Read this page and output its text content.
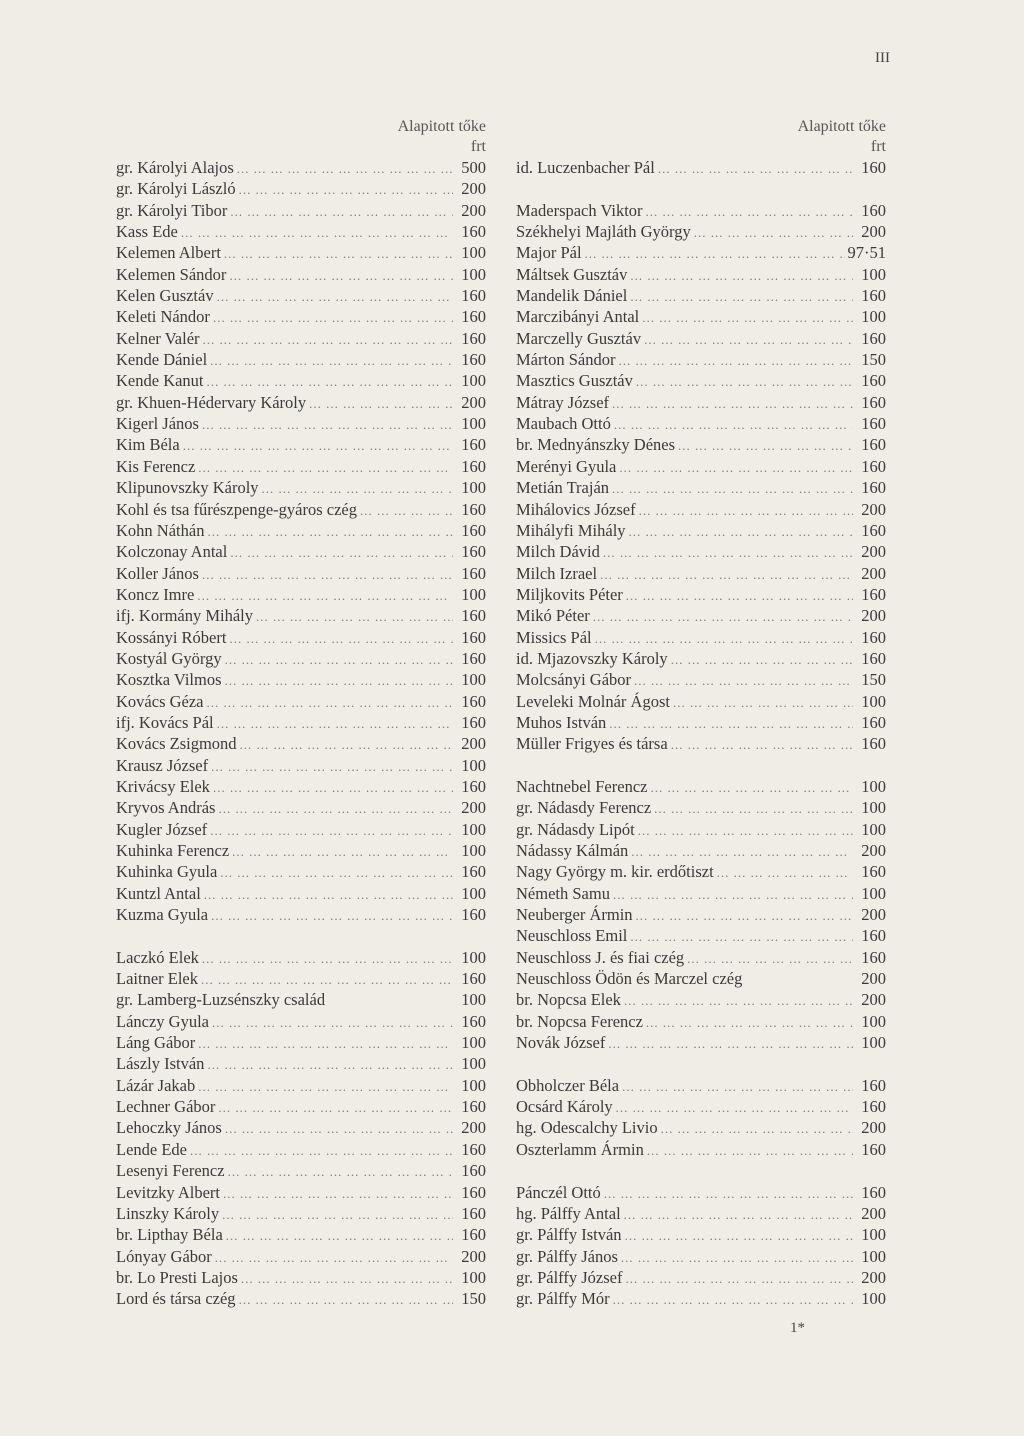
III
Alapitott tőke
frt
gr. Károlyi Alajos ... .	500
gr. Károlyi László ... .	200
gr. Károlyi Tibor ... .	200
Kass Ede ... .	160
Kelemen Albert ... .	100
Kelemen Sándor ... .	100
Kelen Gusztáv ... .	160
Keleti Nándor ... .	160
Kelner Valér ... .	160
Kende Dániel ... .	160
Kende Kanut ... .	100
gr. Khuen-Hédervary Károly ... .	200
Kigerl János ... .	100
Kim Béla ... .	160
Kis Ferencz ... .	160
Klipunovszky Károly ... .	100
Kohl és tsa fűrészpenge-gyáros czég ... .	160
Kohn Náthán ... .	160
Kolczonay Antal ... .	160
Koller János ... .	160
Koncz Imre ... .	100
ifj. Kormány Mihály ... .	160
Kossányi Róbert ... .	160
Kostyál György ... .	160
Kosztka Vilmos ... .	100
Kovács Géza ... .	160
ifj. Kovács Pál ... .	160
Kovács Zsigmond ... .	200
Krausz József ... .	100
Krivácsy Elek ... .	160
Kryvos András ... .	200
Kugler József ... .	100
Kuhinka Ferencz ... .	100
Kuhinka Gyula ... .	160
Kuntzl Antal ... .	100
Kuzma Gyula ... .	160
Laczkó Elek ... .	100
Laitner Elek ... .	160
gr. Lamberg-Luzsénszky család	100
Lánczy Gyula ... .	160
Láng Gábor ... .	100
Lászly István ... .	100
Lázár Jakab ... .	100
Lechner Gábor ... .	160
Lehoczky János ... .	200
Lende Ede ... .	160
Lesenyi Ferencz ... .	160
Levitzky Albert ... .	160
Linszky Károly ... .	160
br. Lipthay Béla ... .	160
Lónyay Gábor ... .	200
br. Lo Presti Lajos ... .	100
Lord és társa czég ... .	150
Alapitott tőke
frt
id. Luczenbacher Pál ... .	160
Maderspach Viktor ... .	160
Székhelyi Majláth György ... .	200
Major Pál ... .	97·51
Máltsek Gusztáv ... .	100
Mandelik Dániel ... .	160
Marczibányi Antal ... .	100
Marczelly Gusztáv ... .	160
Márton Sándor ... .	150
Masztics Gusztáv ... .	160
Mátray József ... .	160
Maubach Ottó ... .	160
br. Mednyánszky Dénes ... .	160
Merényi Gyula ... .	160
Metián Traján ... .	160
Mihálovics József ... .	200
Mihályfi Mihály ... .	160
Milch Dávid ... .	200
Milch Izrael ... .	200
Miljkovits Péter ... .	160
Mikó Péter ... .	200
Missics Pál ... .	160
id. Mjazovszky Károly ... .	160
Molcsányi Gábor ... .	150
Leveleki Molnár Ágost ... .	100
Muhos István ... .	160
Müller Frigyes és társa ... .	160
Nachtnebel Ferencz ... .	100
gr. Nádasdy Ferencz ... .	100
gr. Nádasdy Lipót ... .	100
Nádassy Kálmán ... .	200
Nagy György m. kir. erdőtiszt ... .	160
Németh Samu ... .	100
Neuberger Ármin ... .	200
Neuschloss Emil ... .	160
Neuschloss J. és fiai czég ... .	160
Neuschloss Ödön és Marczel czég	200
br. Nopcsa Elek ... .	200
br. Nopcsa Ferencz ... .	100
Novák József ... .	100
Obholczer Béla ... .	160
Ocsárd Károly ... .	160
hg. Odescalchy Livio ... .	200
Oszterlamm Ármin ... .	160
Pánczél Ottó ... .	160
hg. Pálffy Antal ... .	200
gr. Pálffy István ... .	100
gr. Pálffy János ... .	100
gr. Pálffy József ... .	200
gr. Pálffy Mór ... .	100
1*
